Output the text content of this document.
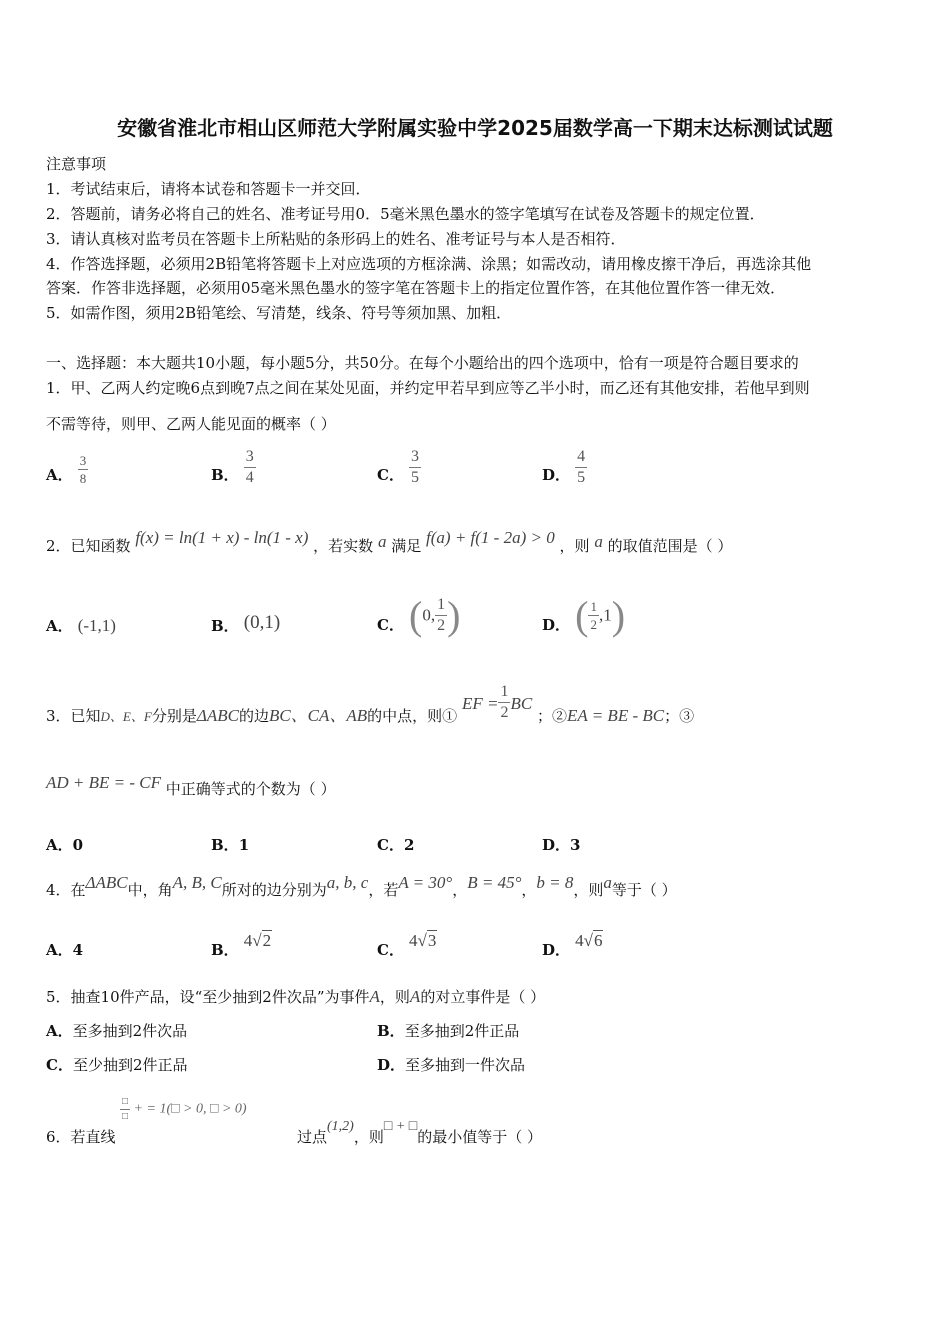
安徽省淮北市相山区师范大学附属实验中学2025届数学高一下期末达标测试试题
注意事项
1．考试结束后，请将本试卷和答题卡一并交回．
2．答题前，请务必将自己的姓名、准考证号用0．5毫米黑色墨水的签字笔填写在试卷及答题卡的规定位置．
3．请认真核对监考员在答题卡上所粘贴的条形码上的姓名、准考证号与本人是否相符．
4．作答选择题，必须用2B铅笔将答题卡上对应选项的方框涂满、涂黑；如需改动，请用橡皮擦干净后，再选涂其他
答案．作答非选择题，必须用05毫米黑色墨水的签字笔在答题卡上的指定位置作答，在其他位置作答一律无效．
5．如需作图，须用2B铅笔绘、写清楚，线条、符号等须加黑、加粗．
一、选择题：本大题共10小题，每小题5分，共50分。在每个小题给出的四个选项中，恰有一项是符合题目要求的
1．甲、乙两人约定晚6点到晚7点之间在某处见面，并约定甲若早到应等乙半小时，而乙还有其他安排，若他早到则
不需等待，则甲、乙两人能见面的概率（ ）
A． $\frac{3}{8}$	B． $\frac{3}{4}$	C． $\frac{3}{5}$	D． $\frac{4}{5}$
2．已知函数 f(x) = ln(1 + x) - ln(1 - x) ，若实数 a 满足 f(a) + f(1 - 2a) > 0 ，则 a 的取值范围是（ ）
A． (-1,1)	B． (0,1)	C． (0, $\frac{1}{2}$ )	D． ( $\frac{1}{2} ,1$)
3．已知D、E、F分别是ΔABC的边BC、CA、AB的中点，则① EF = $\frac{1}{2}$ BC ；②EA = BE - BC；③
AD + BE = - CF 中正确等式的个数为（ ）
A．0	B．1	C．2	D．3
4．在ΔABC中，角A, B, C所对的边分别为a, b, c，若A = 30°，B = 45°，b = 8，则a等于（ ）
A．4	B． 4√2	C． 4√3	D． 4√6
5．抽查10件产品，设“至少抽到2件次品”为事件A，则A的对立事件是（ ）
A．至多抽到2件次品	B．至多抽到2件正品
C．至少抽到2件正品	D．至多抽到一件次品
6．若直线
$\frac{□}{□}$ + = 1(□ > 0, □ > 0)
过点(1,2)，则□ + □的最小值等于（ ）
